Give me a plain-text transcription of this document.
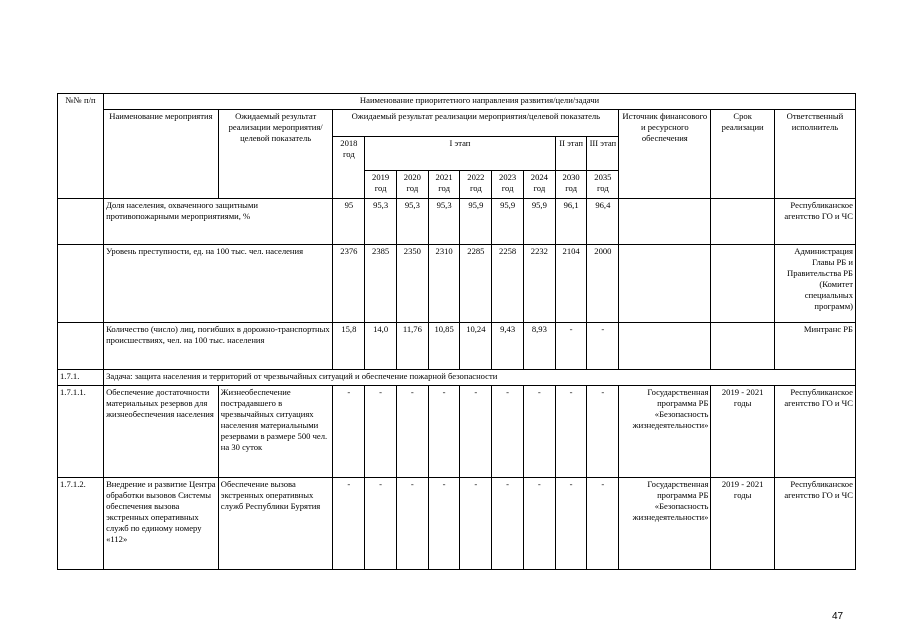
№№ п/п	Наименование приоритетного направления развития/цели/задачи													
	Наименование мероприятия	Ожидаемый результат реализации мероприятия/целевой показатель	Ожидаемый результат реализации мероприятия/целевой показатель									Источник финансового и ресурсного обеспечения	Срок реализации	Ответственный исполнитель
			2018 год	I этап						II этап	III этап			
				2019 год	2020 год	2021 год	2022 год	2023 год	2024 год	2030 год	2035 год			
	Доля населения, охваченного защитными противопожарными мероприятиями, %		95	95,3	95,3	95,3	95,9	95,9	95,9	96,1	96,4			Республиканское агентство ГО и ЧС
	Уровень преступности, ед. на 100 тыс. чел. населения		2376	2385	2350	2310	2285	2258	2232	2104	2000			Администрация Главы РБ и Правительства РБ (Комитет специальных программ)
	Количество (число) лиц, погибших в дорожно-транспортных происшествиях, чел. на 100 тыс. населения		15,8	14,0	11,76	10,85	10,24	9,43	8,93	-	-			Минтранс РБ
1.7.1.	Задача: защита населения и территорий от чрезвычайных ситуаций и обеспечение пожарной безопасности													
1.7.1.1.	Обеспечение достаточности материальных резервов для жизнеобеспечения населения	Жизнеобеспечение пострадавшего в чрезвычайных ситуациях населения материальными резервами в размере 500 чел. на 30 суток	-	-	-	-	-	-	-	-	-	Государственная программа РБ «Безопасность жизнедеятельности»	2019 - 2021 годы	Республиканское агентство ГО и ЧС
1.7.1.2.	Внедрение и развитие Центра обработки вызовов Системы обеспечения вызова экстренных оперативных служб по единому номеру «112»	Обеспечение вызова экстренных оперативных служб Республики Бурятия	-	-	-	-	-	-	-	-	-	Государственная программа РБ «Безопасность жизнедеятельности»	2019 - 2021 годы	Республиканское агентство ГО и ЧС
47
